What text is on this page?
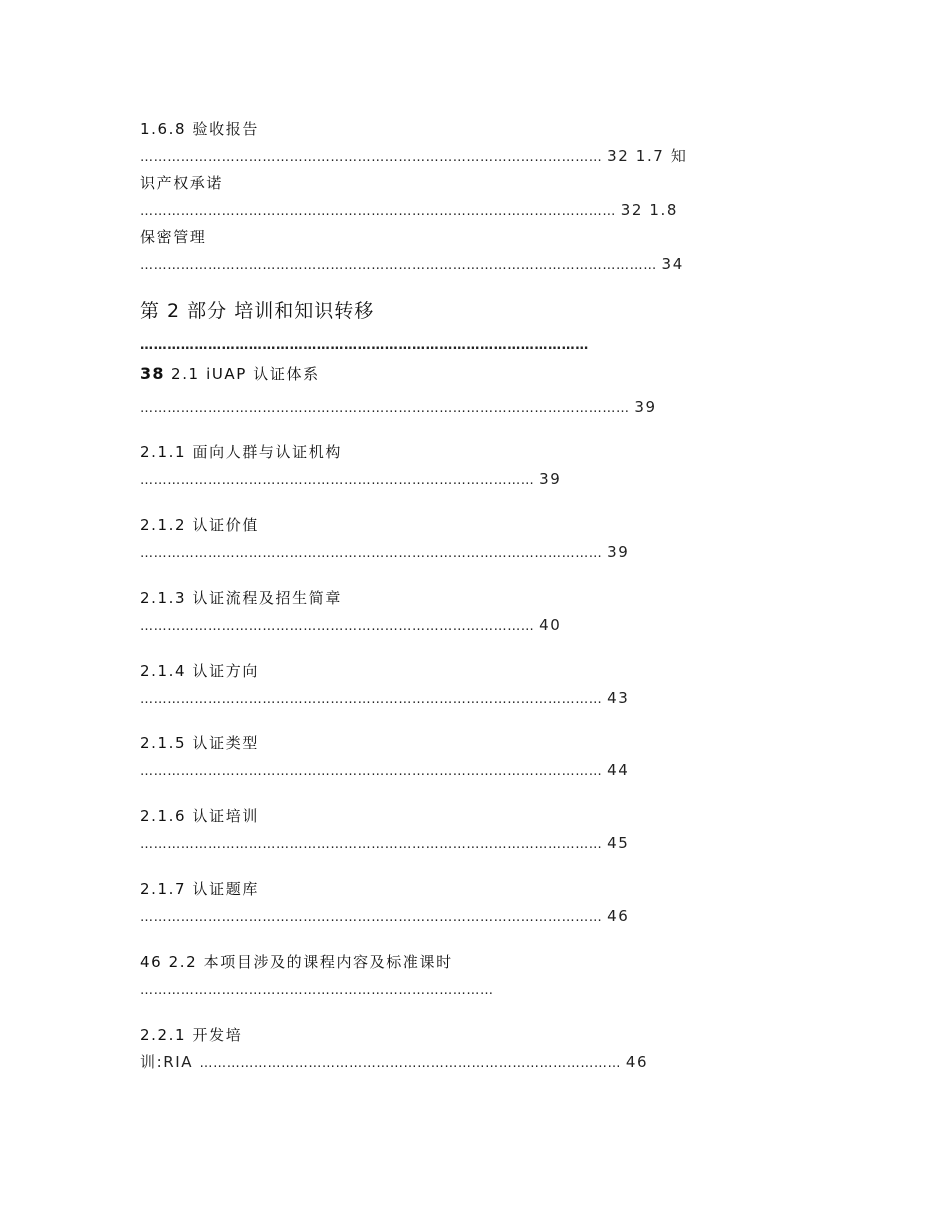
1.6.8 验收报告
………………………………………………………………………………………… 32 1.7 知
识产权承诺
…………………………………………………………………………………………… 32 1.8
保密管理
…………………………………………………………………………………………………… 34
第 2 部分 培训和知识转移
………………………………………………………………………………………
38 2.1 iUAP 认证体系
……………………………………………………………………………………………… 39
2.1.1 面向人群与认证机构
…………………………………………………………………………… 39
2.1.2 认证价值
………………………………………………………………………………………… 39
2.1.3 认证流程及招生简章
…………………………………………………………………………… 40
2.1.4 认证方向
………………………………………………………………………………………… 43
2.1.5 认证类型
………………………………………………………………………………………… 44
2.1.6 认证培训
………………………………………………………………………………………… 45
2.1.7 认证题库
………………………………………………………………………………………… 46
46 2.2 本项目涉及的课程内容及标准课时
……………………………………………………………………
2.2.1 开发培
训:RIA ………………………………………………………………………………… 46
